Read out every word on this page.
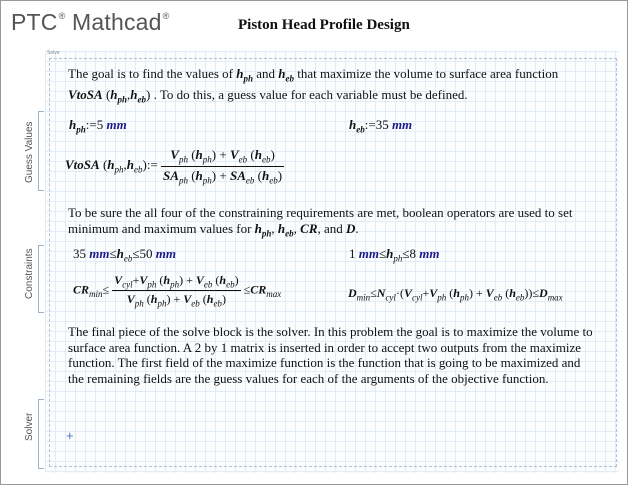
PTC® Mathcad®
Piston Head Profile Design
Solve
Guess Values
Constraints
Solver
The goal is to find the values of $h_{ph}$ and $h_{eb}$ that maximize the volume to surface area function VtoSA $(h_{ph},h_{eb})$ . To do this, a guess value for each variable must be defined.
$h_{ph}:=5$ mm	$h_{eb}:=35$ mm
VtoSA $(h_{ph},h_{eb}):= \frac{V_{ph} (h_{ph}) + V_{eb} (h_{eb})}{SA_{ph} (h_{ph}) + SA_{eb} (h_{eb})}$
To be sure the all four of the constraining requirements are met, boolean operators are used to set minimum and maximum values for $h_{ph}$, $h_{eb}$, CR, and D.
35 $mm\le h_{eb}\le 50$ mm	1 $mm\le h_{ph}\le 8$ mm
$CR_{min}\le \frac{V_{cyl}+V_{ph} (h_{ph}) + V_{eb} (h_{eb})}{V_{ph} (h_{ph}) + V_{eb} (h_{eb})} \le CR_{max}$	$D_{min}\le N_{cyl}\cdot(V_{cyl}+V_{ph}$ $(h_{ph}) + V_{eb}$ $(h_{eb}))\le D_{max}$
The final piece of the solve block is the solver. In this problem the goal is to maximize the volume to surface area function. A 2 by 1 matrix is inserted in order to accept two outputs from the maximize function. The first field of the maximize function is the function that is going to be maximized and the remaining fields are the guess values for each of the arguments of the objective function.
+
